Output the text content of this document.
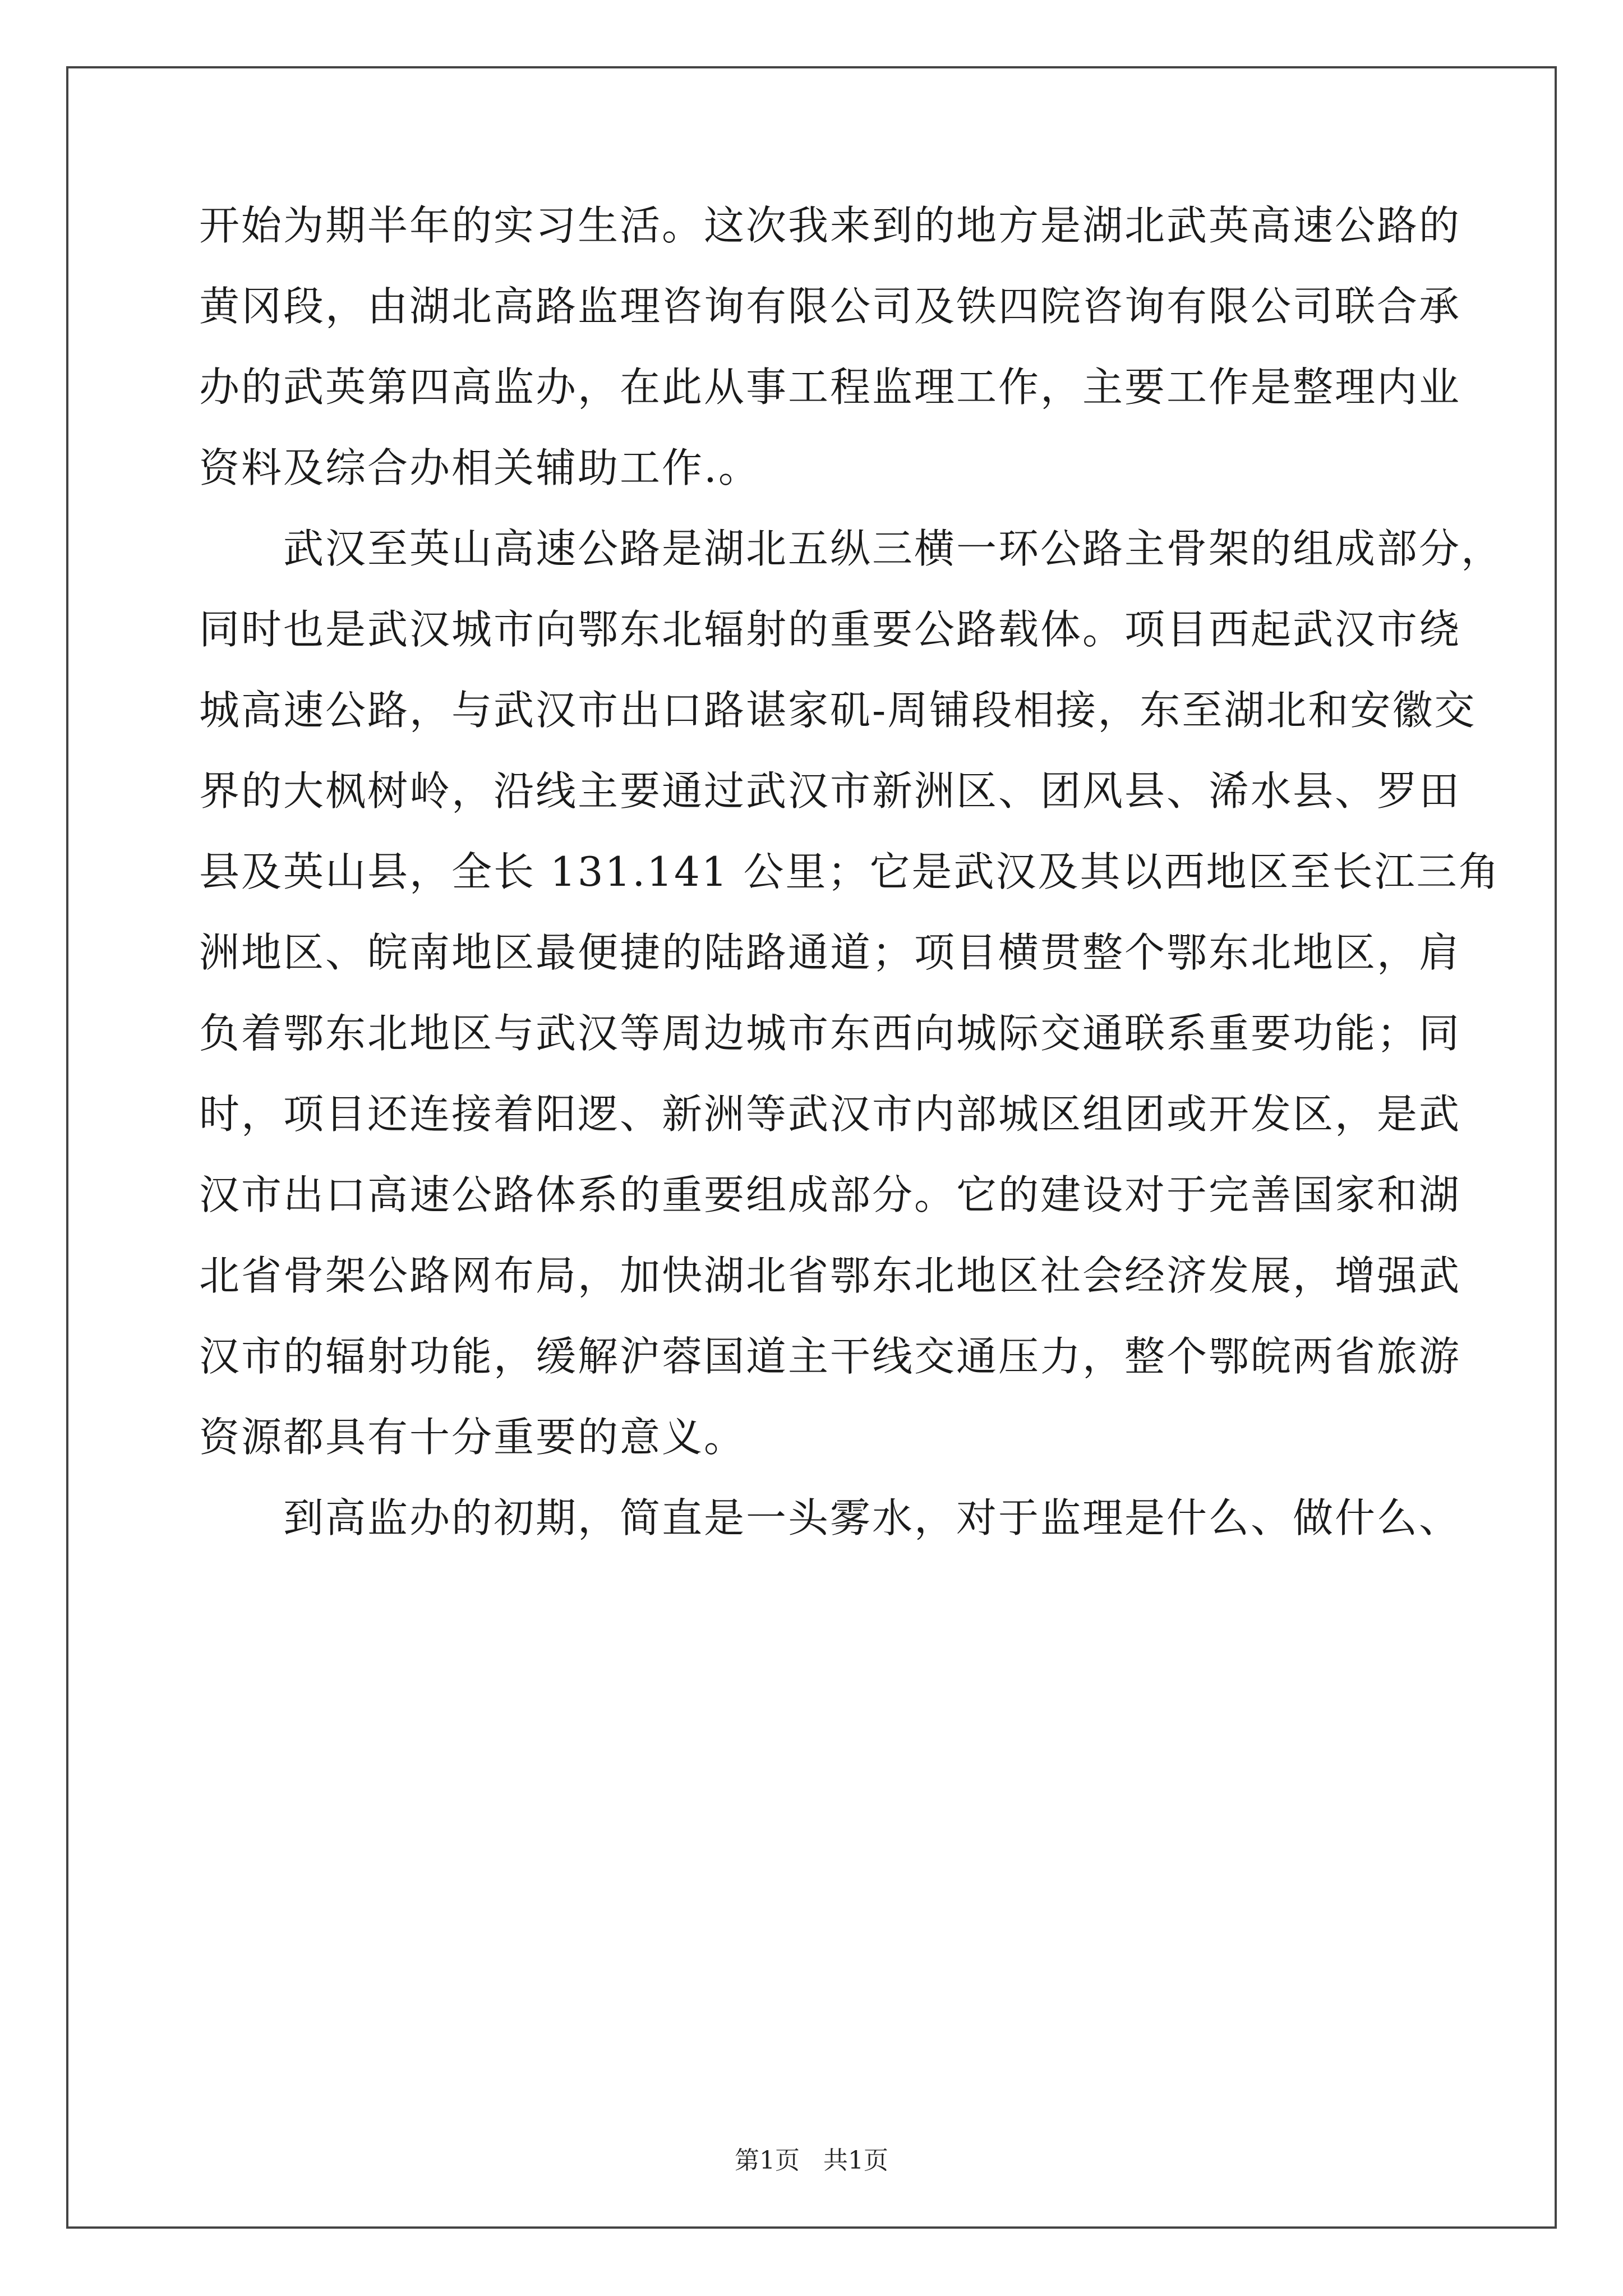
开始为期半年的实习生活。这次我来到的地方是湖北武英高速公路的
黄冈段，由湖北高路监理咨询有限公司及铁四院咨询有限公司联合承
办的武英第四高监办，在此从事工程监理工作，主要工作是整理内业
资料及综合办相关辅助工作.。
　　武汉至英山高速公路是湖北五纵三横一环公路主骨架的组成部分，
同时也是武汉城市向鄂东北辐射的重要公路载体。项目西起武汉市绕
城高速公路，与武汉市出口路谌家矶-周铺段相接，东至湖北和安徽交
界的大枫树岭，沿线主要通过武汉市新洲区、团风县、浠水县、罗田
县及英山县，全长 131.141 公里；它是武汉及其以西地区至长江三角
洲地区、皖南地区最便捷的陆路通道；项目横贯整个鄂东北地区，肩
负着鄂东北地区与武汉等周边城市东西向城际交通联系重要功能；同
时，项目还连接着阳逻、新洲等武汉市内部城区组团或开发区，是武
汉市出口高速公路体系的重要组成部分。它的建设对于完善国家和湖
北省骨架公路网布局，加快湖北省鄂东北地区社会经济发展，增强武
汉市的辐射功能，缓解沪蓉国道主干线交通压力，整个鄂皖两省旅游
资源都具有十分重要的意义。
　　到高监办的初期，简直是一头雾水，对于监理是什么、做什么、
第1页 共1页
